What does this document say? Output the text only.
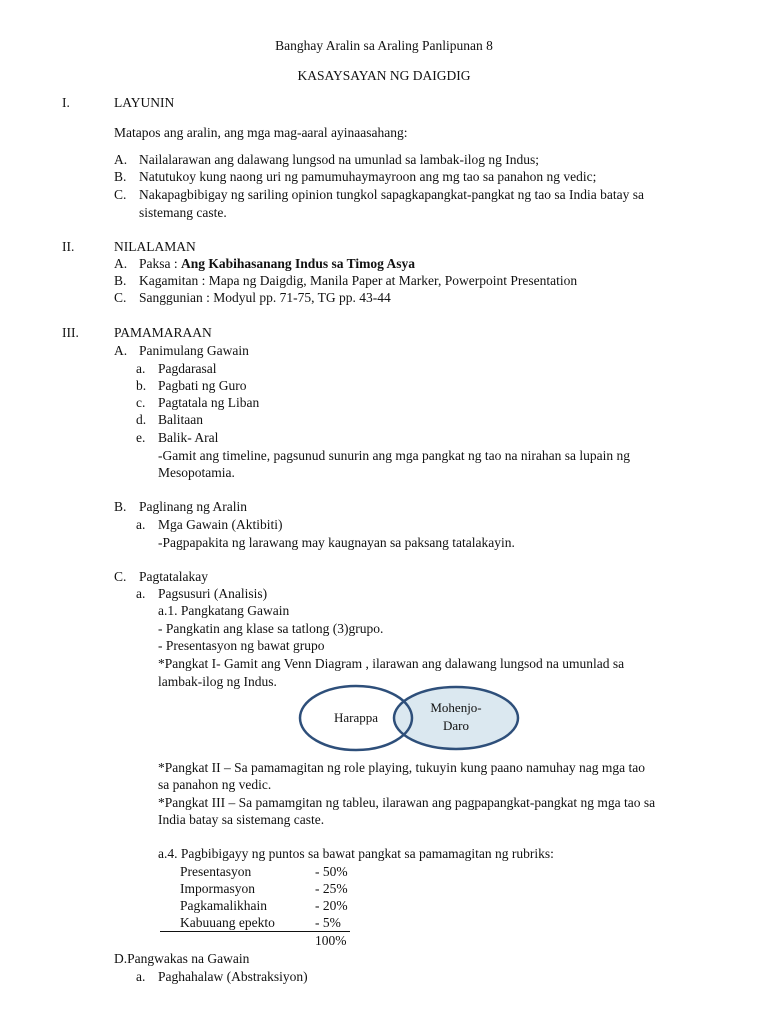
Banghay Aralin sa Araling Panlipunan 8
KASAYSAYAN NG DAIGDIG
I.	LAYUNIN
Matapos ang aralin, ang mga mag-aaral ayinaasahang:
A. Nailalarawan ang dalawang lungsod na umunlad sa lambak-ilog ng Indus;
B. Natutukoy kung naong uri ng pamumuhaymayroon ang mg tao sa panahon ng vedic;
C. Nakapagbibigay ng sariling opinion tungkol sapagkapangkat-pangkat ng tao sa India batay sa
sistemang caste.
II.	NILALAMAN
A. Paksa : Ang Kabihasanang Indus sa Timog Asya
B. Kagamitan : Mapa ng Daigdig, Manila Paper at Marker, Powerpoint Presentation
C. Sanggunian : Modyul pp. 71-75, TG pp. 43-44
III.	PAMAMARAAN
A. Panimulang Gawain
a. Pagdarasal
b. Pagbati ng Guro
c. Pagtatala ng Liban
d. Balitaan
e. Balik- Aral
-Gamit ang timeline, pagsunud sunurin ang mga pangkat ng tao na nirahan sa lupain ng
Mesopotamia.
B. Paglinang ng Aralin
a. Mga Gawain (Aktibiti)
-Pagpapakita ng larawang may kaugnayan sa paksang tatalakayin.
C. Pagtatalakay
a. Pagsusuri (Analisis)
a.1. Pangkatang Gawain
- Pangkatin ang klase sa tatlong (3)grupo.
- Presentasyon ng bawat grupo
*Pangkat I- Gamit ang Venn Diagram , ilarawan ang dalawang lungsod na umunlad sa
lambak-ilog ng Indus.
Harappa
Mohenjo-
Daro
*Pangkat II – Sa pamamagitan ng role playing, tukuyin kung paano namuhay nag mga tao
sa panahon ng vedic.
*Pangkat III – Sa pamamgitan ng tableu, ilarawan ang pagpapangkat-pangkat ng mga tao sa
India batay sa sistemang caste.
a.4. Pagbibigayy ng puntos sa bawat pangkat sa pamamagitan ng rubriks:
Presentasyon	- 50%
Impormasyon	- 25%
Pagkamalikhain	- 20%
Kabuuang epekto	- 5%
100%
D.Pangwakas na Gawain
a. Paghahalaw (Abstraksiyon)
